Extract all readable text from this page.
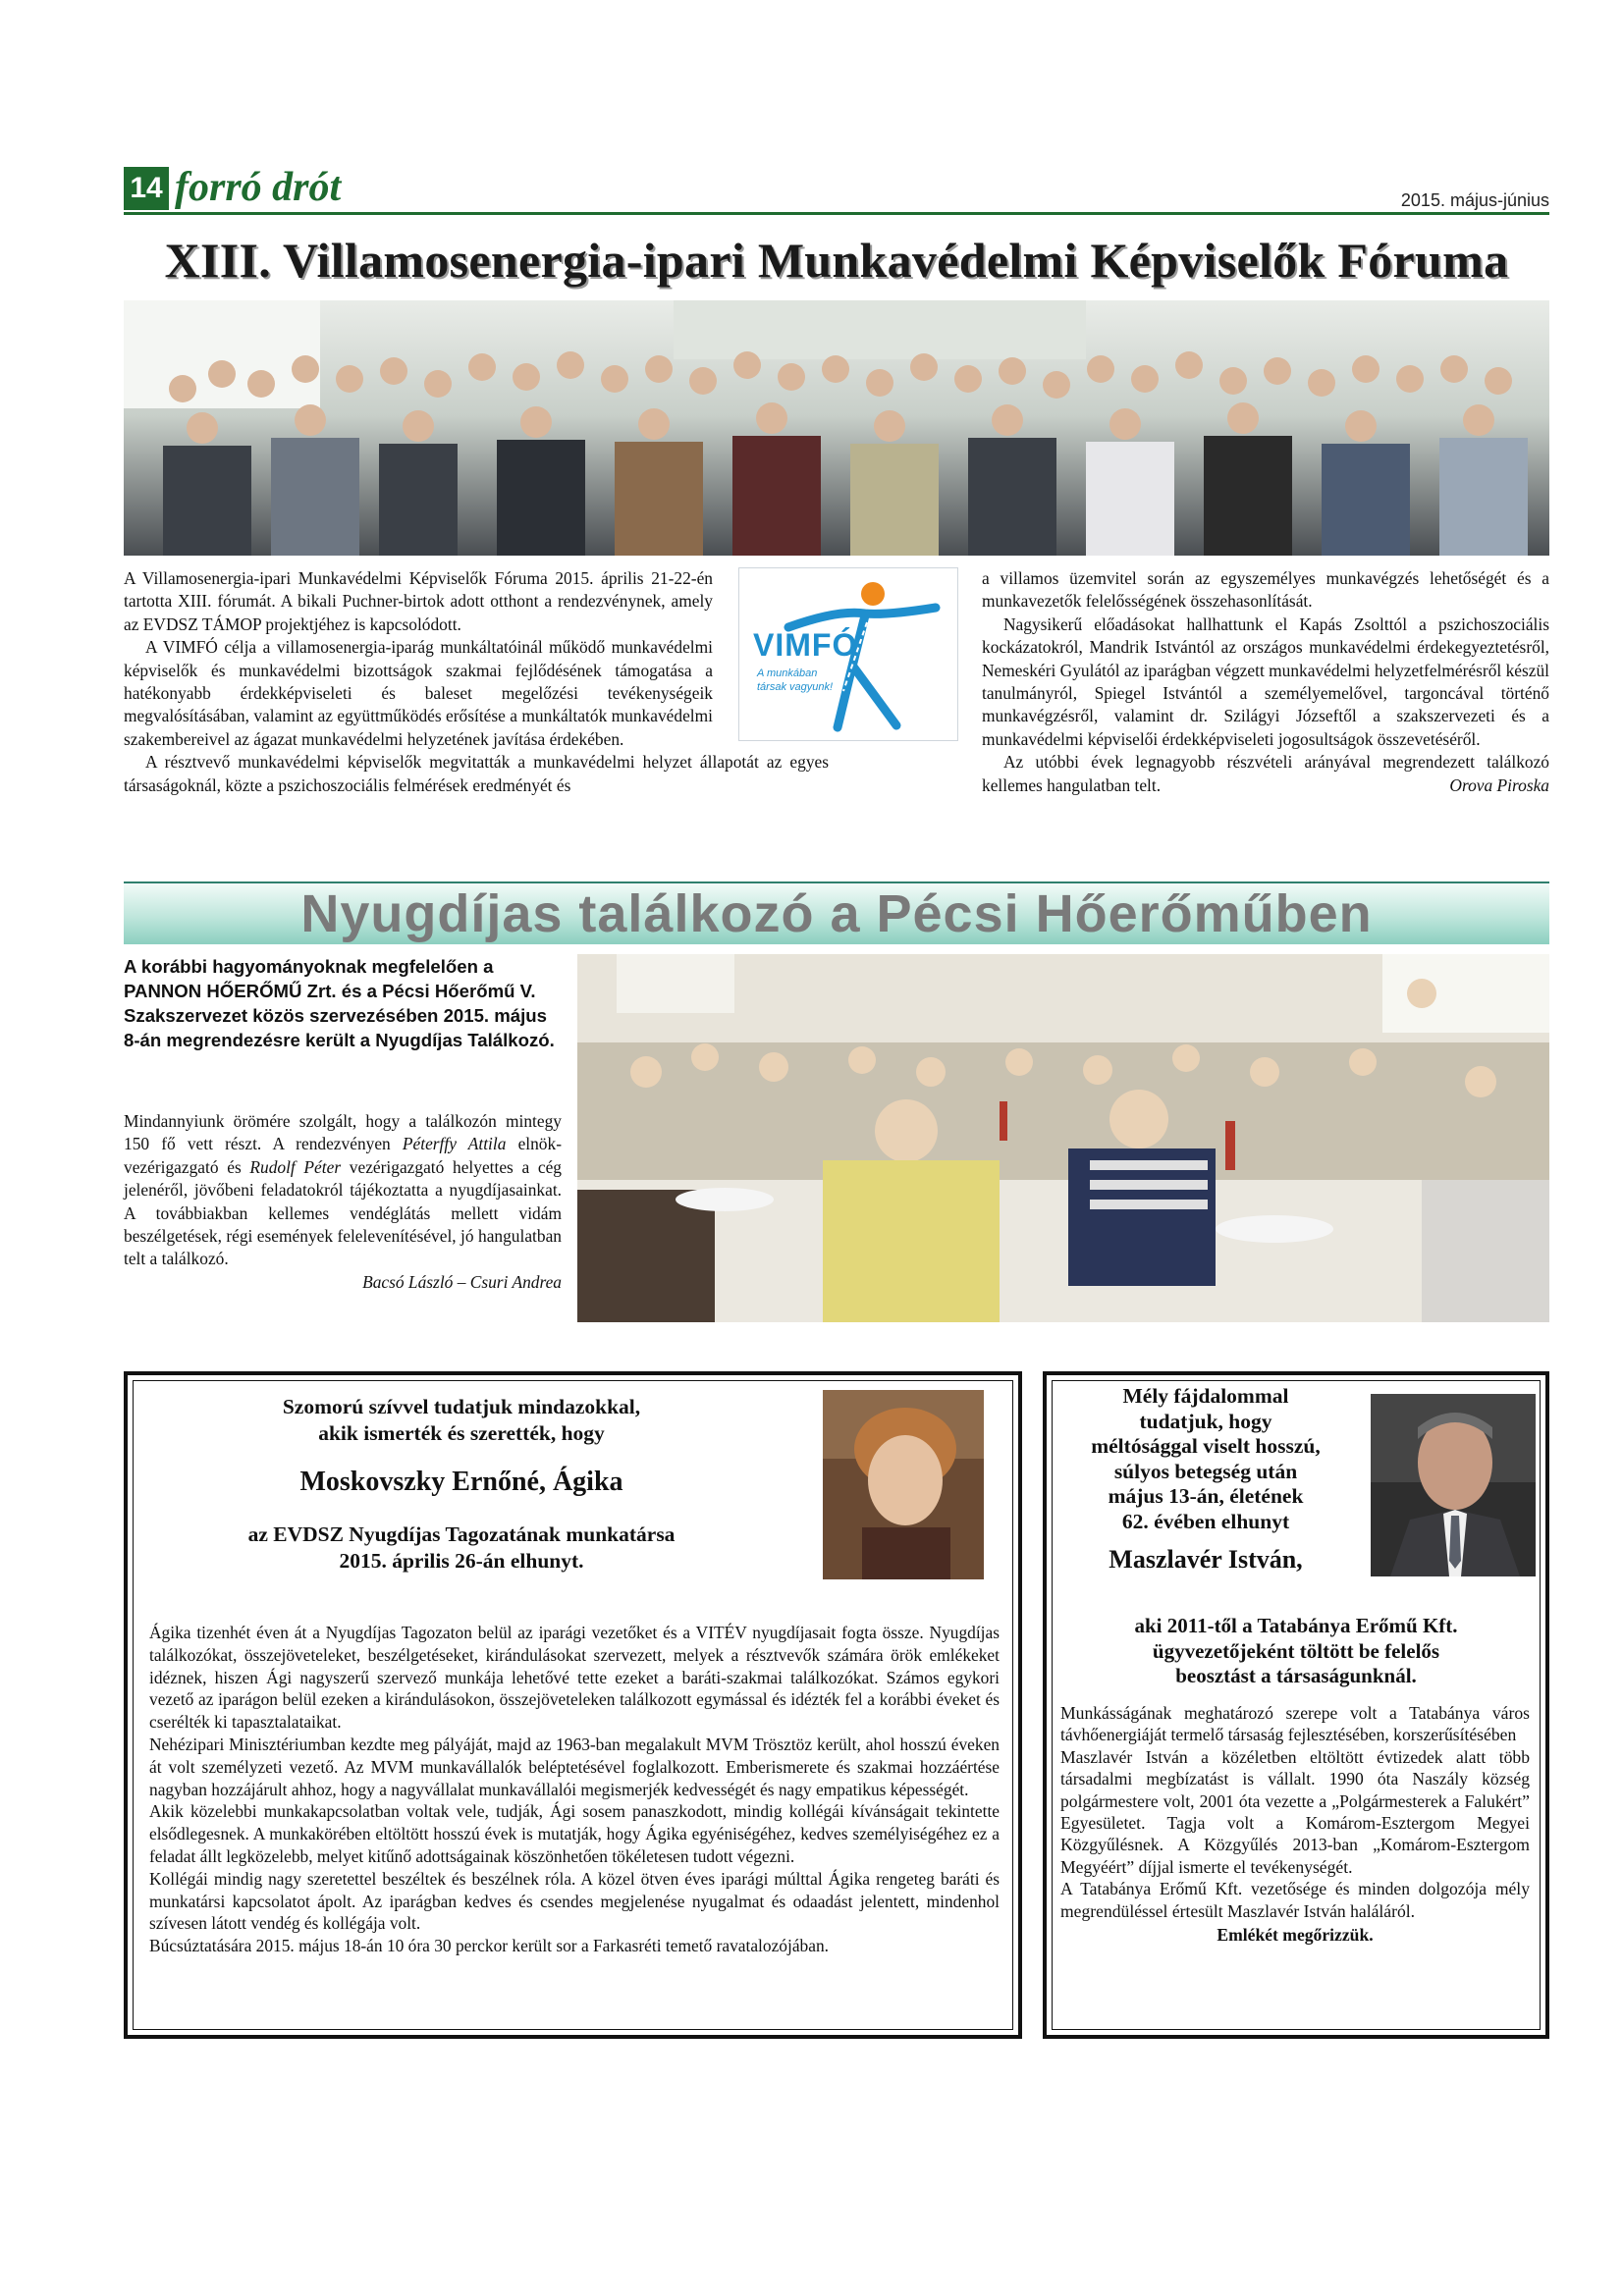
14 forró drót	2015. május-június
XIII. Villamosenergia-ipari Munkavédelmi Képviselők Fóruma

A Villamosenergia-ipari Munkavédelmi Képviselők Fóruma 2015. április 21-22-én tartotta XIII. fórumát. A bikali Puchner-birtok adott otthont a rendezvénynek, amely az EVDSZ TÁMOP projektjéhez is kapcsolódott.

A VIMFÓ célja a villamosenergia-iparág munkáltatóinál működő munkavédelmi képviselők és munkavédelmi bizottságok szakmai fejlődésének támogatása a hatékonyabb érdekképviseleti és baleset megelőzési tevékenységeik megvalósításában, valamint az együttműködés erősítése a munkáltatók munkavédelmi szakembereivel az ágazat munkavédelmi helyzetének javítása érdekében.

A résztvevő munkavédelmi képviselők megvitatták a munkavédelmi helyzet állapotát az egyes társaságoknál, közte a pszichoszociális felmérések eredményét és

VIMFÓ
A munkában társak vagyunk!

a villamos üzemvitel során az egyszemélyes munkavégzés lehetőségét és a munkavezetők felelősségének összehasonlítását.

Nagysikerű előadásokat hallhattunk el Kapás Zsolttól a pszichoszociális kockázatokról, Mandrik Istvántól az országos munkavédelmi érdekegyeztetésről, Nemeskéri Gyulától az iparágban végzett munkavédelmi helyzetfelmérésről készül tanulmányról, Spiegel Istvántól a személyemelővel, targoncával történő munkavégzésről, valamint dr. Szilágyi Józseftől a szakszervezeti és a munkavédelmi képviselői érdekképviseleti jogosultságok összevetéséről.

Az utóbbi évek legnagyobb részvételi arányával megrendezett találkozó kellemes hangulatban telt.	Orova Piroska
Nyugdíjas találkozó a Pécsi Hőerőműben
A korábbi hagyományoknak megfelelően a PANNON HŐERŐMŰ Zrt. és a Pécsi Hőerőmű V. Szakszervezet közös szervezésében 2015. május 8-án megrendezésre került a Nyugdíjas Találkozó.

Mindannyiunk örömére szolgált, hogy a találkozón mintegy 150 fő vett részt. A rendezvényen Péterffy Attila elnök-vezérigazgató és Rudolf Péter vezérigazgató helyettes a cég jelenéről, jövőbeni feladatokról tájékoztatta a nyugdíjasainkat. A továbbiakban kellemes vendéglátás mellett vidám beszélgetések, régi események felelevenítésével, jó hangulatban telt a találkozó.

Bacsó László – Csuri Andrea
Szomorú szívvel tudatjuk mindazokkal,
akik ismerték és szerették, hogy
Moskovszky Ernőné, Ágika
az EVDSZ Nyugdíjas Tagozatának munkatársa
2015. április 26-án elhunyt.

Ágika tizenhét éven át a Nyugdíjas Tagozaton belül az iparági vezetőket és a VITÉV nyugdíjasait fogta össze. Nyugdíjas találkozókat, összejöveteleket, beszélgetéseket, kirándulásokat szervezett, melyek a résztvevők számára örök emlékeket idéznek, hiszen Ági nagyszerű szervező munkája lehetővé tette ezeket a baráti-szakmai találkozókat. Számos egykori vezető az iparágon belül ezeken a kirándulásokon, összejöveteleken találkozott egymással és idézték fel a korábbi éveket és cserélték ki tapasztalataikat.

Nehézipari Minisztériumban kezdte meg pályáját, majd az 1963-ban megalakult MVM Trösztöz került, ahol hosszú éveken át volt személyzeti vezető. Az MVM munkavállalók beléptetésével foglalkozott. Emberismerete és szakmai hozzáértése nagyban hozzájárult ahhoz, hogy a nagyvállalat munkavállalói megismerjék kedvességét és nagy empatikus képességét.

Akik közelebbi munkakapcsolatban voltak vele, tudják, Ági sosem panaszkodott, mindig kollégái kívánságait tekintette elsődlegesnek. A munkakörében eltöltött hosszú évek is mutatják, hogy Ágika egyéniségéhez, kedves személyiségéhez ez a feladat állt legközelebb, melyet kitűnő adottságainak köszönhetően tökéletesen tudott végezni.

Kollégái mindig nagy szeretettel beszéltek és beszélnek róla. A közel ötven éves iparági múlttal Ágika rengeteg baráti és munkatársi kapcsolatot ápolt. Az iparágban kedves és csendes megjelenése nyugalmat és odaadást jelentett, mindenhol szívesen látott vendég és kollégája volt.

Búcsúztatására 2015. május 18-án 10 óra 30 perckor került sor a Farkasréti temető ravatalozójában.

Mély fájdalommal
tudatjuk, hogy
méltósággal viselt hosszú,
súlyos betegség után
május 13-án, életének
62. évében elhunyt
Maszlavér István,
aki 2011-től a Tatabánya Erőmű Kft.
ügyvezetőjeként töltött be felelős
beosztást a társaságunknál.

Munkásságának meghatározó szerepe volt a Tatabánya város távhőenergiáját termelő társaság fejlesztésében, korszerűsítésében

Maszlavér István a közéletben eltöltött évtizedek alatt több társadalmi megbízatást is vállalt. 1990 óta Naszály község polgármestere volt, 2001 óta vezette a „Polgármesterek a Falukért” Egyesületet. Tagja volt a Komárom-Esztergom Megyei Közgyűlésnek. A Közgyűlés 2013-ban „Komárom-Esztergom Megyéért” díjjal ismerte el tevékenységét.

A Tatabánya Erőmű Kft. vezetősége és minden dolgozója mély megrendüléssel értesült Maszlavér István haláláról.

Emlékét megőrizzük.
